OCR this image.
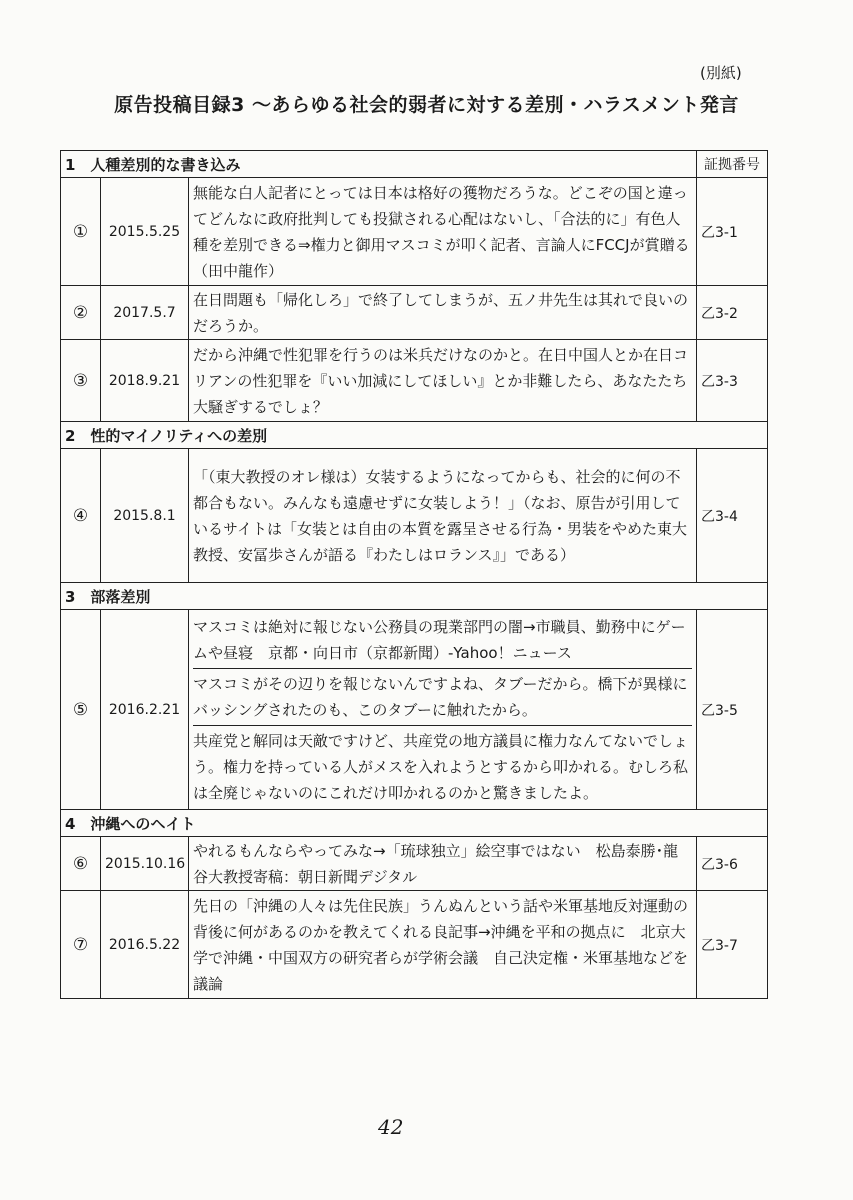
(別紙)
原告投稿目録3 〜あらゆる社会的弱者に対する差別・ハラスメント発言
1　人種差別的な書き込み			証拠番号
①	2015.5.25	無能な白人記者にとっては日本は格好の獲物だろうな。どこぞの国と違ってどんなに政府批判しても投獄される心配はないし、「合法的に」有色人種を差別できる⇒権力と御用マスコミが叩く記者、言論人にFCCJが賞贈る（田中龍作）	乙3-1
②	2017.5.7	在日問題も「帰化しろ」で終了してしまうが、五ノ井先生は其れで良いのだろうか。	乙3-2
③	2018.9.21	だから沖縄で性犯罪を行うのは米兵だけなのかと。在日中国人とか在日コリアンの性犯罪を『いい加減にしてほしい』とか非難したら、あなたたち大騒ぎするでしょ？	乙3-3
2　性的マイノリティへの差別			
④	2015.8.1	「（東大教授のオレ様は）女装するようになってからも、社会的に何の不都合もない。みんなも遠慮せずに女装しよう！」（なお、原告が引用しているサイトは「女装とは自由の本質を露呈させる行為・男装をやめた東大教授、安冨歩さんが語る『わたしはロランス』」である）	乙3-4
3　部落差別			
⑤	2016.2.21	マスコミは絶対に報じない公務員の現業部門の闇→市職員、勤務中にゲームや昼寝　京都・向日市（京都新聞）-Yahoo！ニュース
マスコミがその辺りを報じないんですよね、タブーだから。橋下が異様にバッシングされたのも、このタブーに触れたから。
共産党と解同は天敵ですけど、共産党の地方議員に権力なんてないでしょう。権力を持っている人がメスを入れようとするから叩かれる。むしろ私は全廃じゃないのにこれだけ叩かれるのかと驚きましたよ。	乙3-5
4　沖縄へのヘイト			
⑥	2015.10.16	やれるもんならやってみな→「琉球独立」絵空事ではない　松島泰勝･龍谷大教授寄稿：朝日新聞デジタル	乙3-6
⑦	2016.5.22	先日の「沖縄の人々は先住民族」うんぬんという話や米軍基地反対運動の背後に何があるのかを教えてくれる良記事→沖縄を平和の拠点に　北京大学で沖縄・中国双方の研究者らが学術会議　自己決定権・米軍基地などを議論	乙3-7
42
